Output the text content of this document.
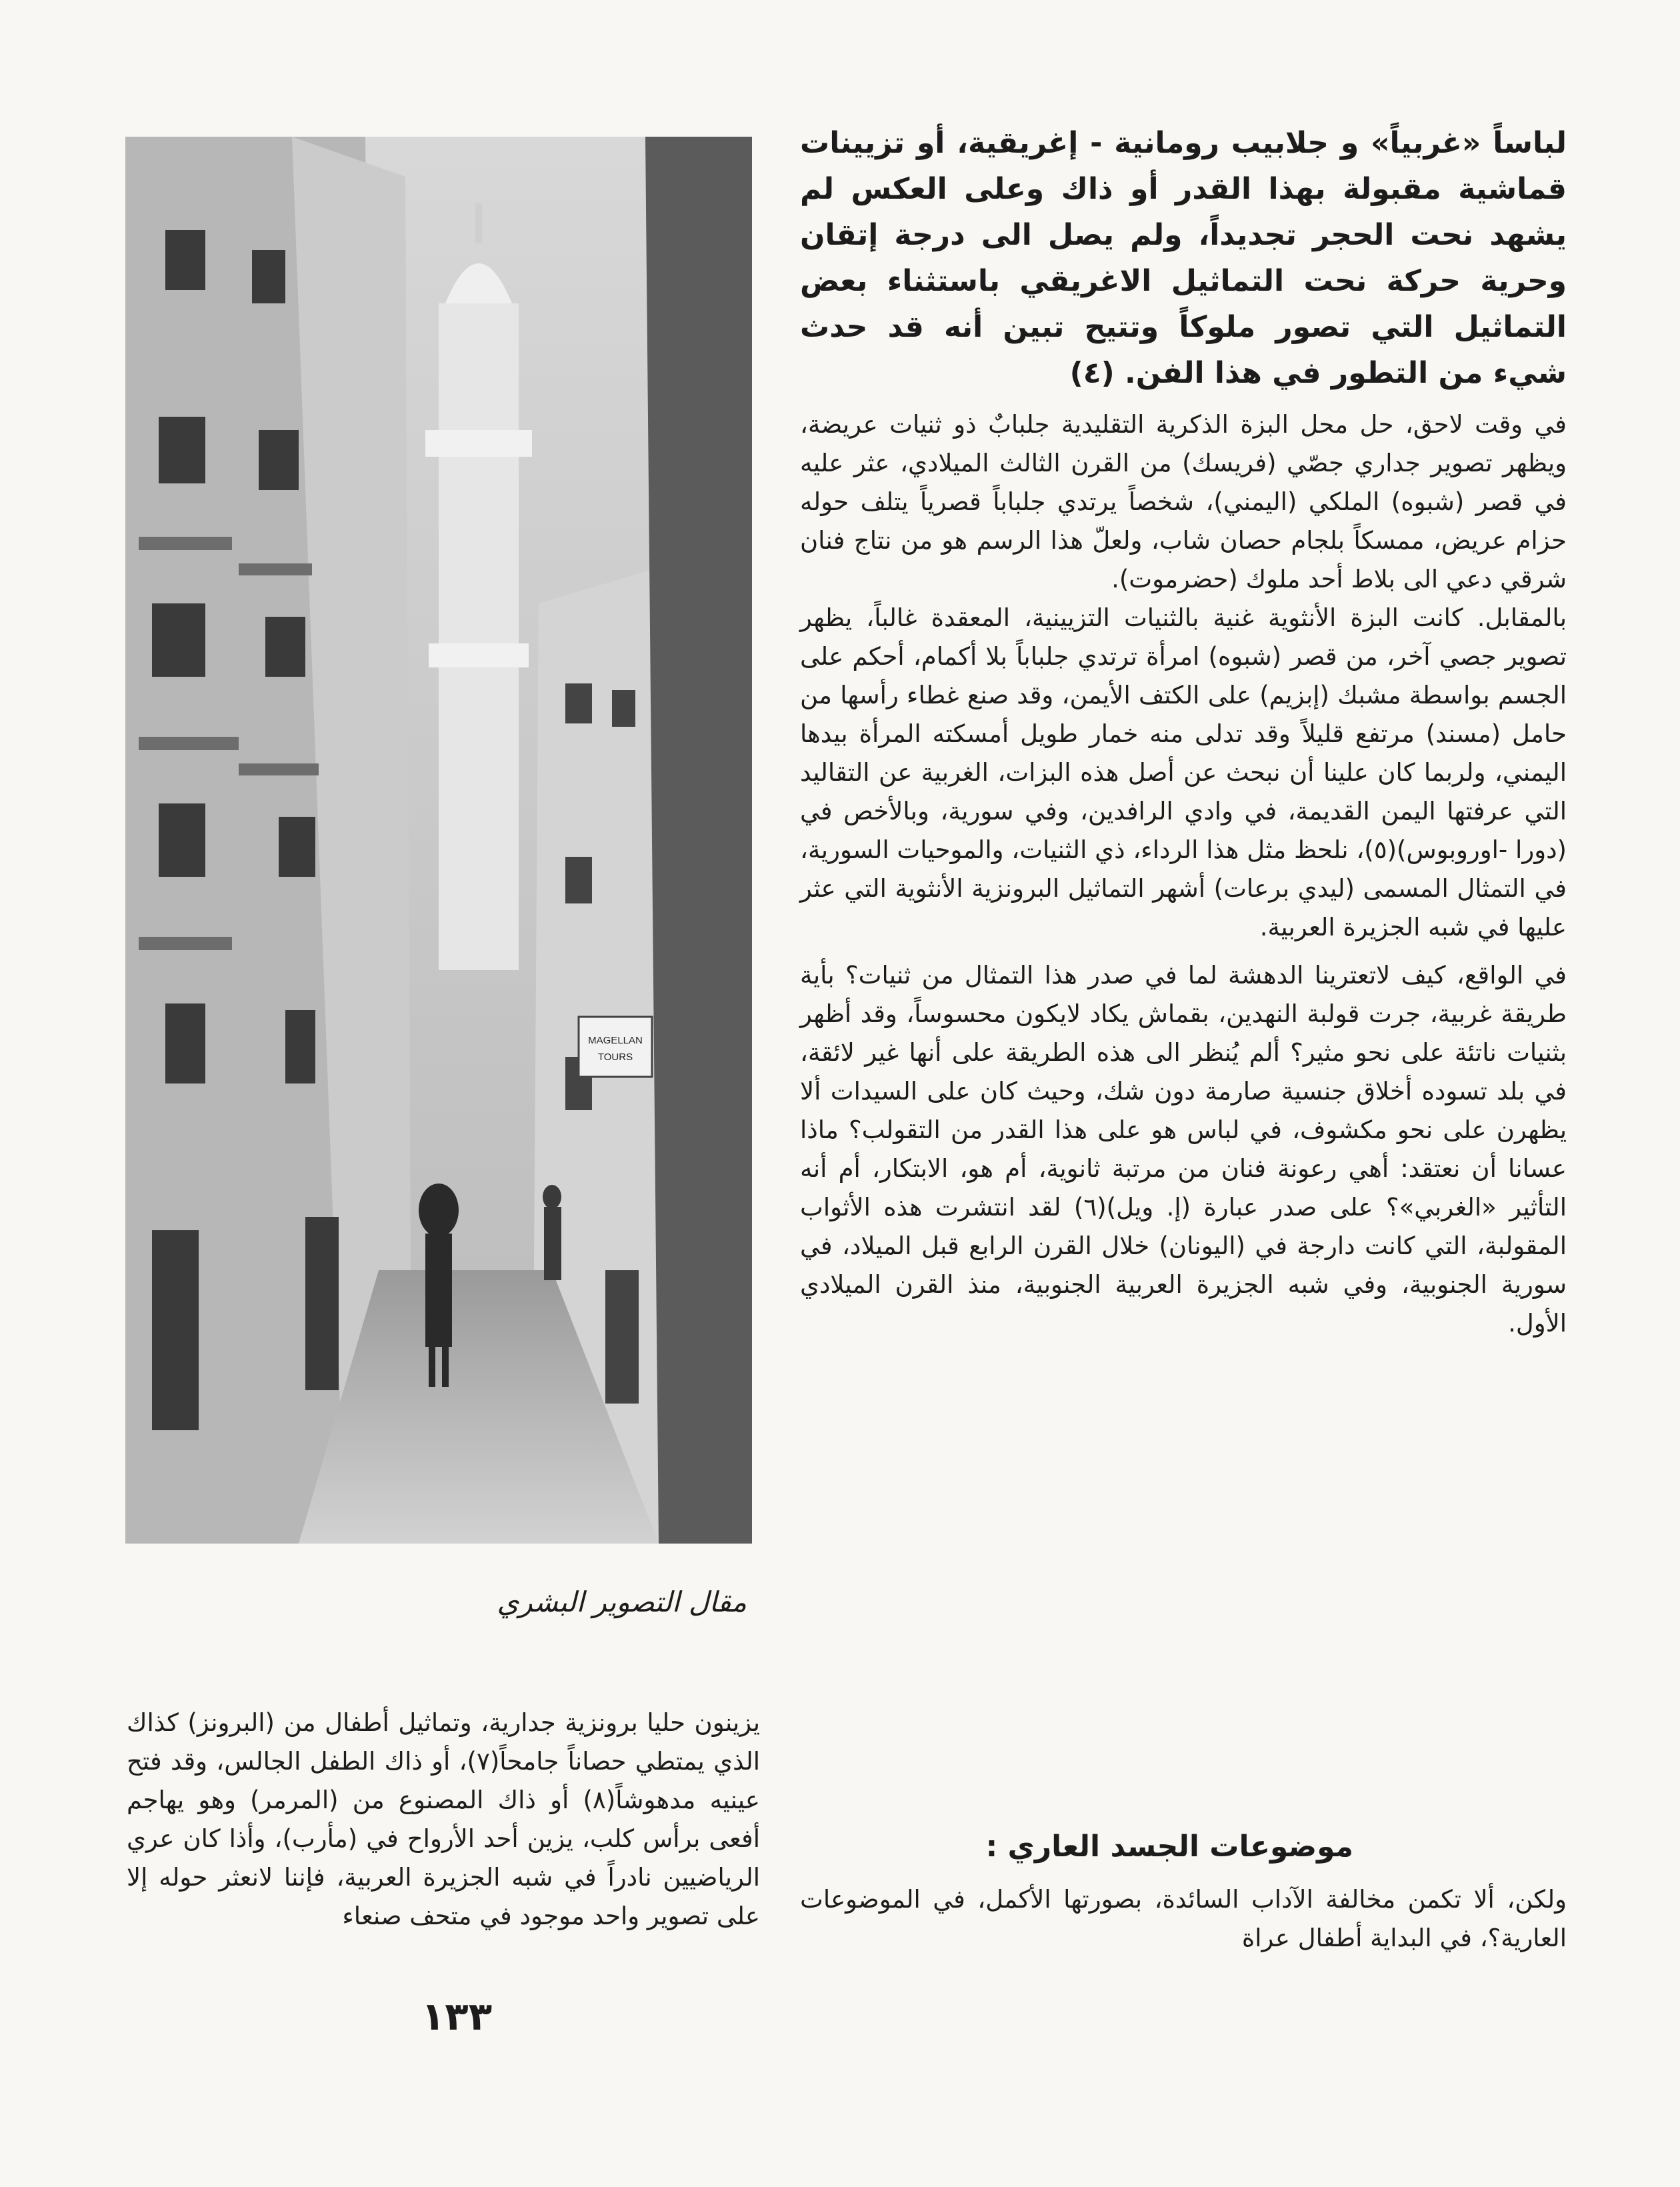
لباساً «غربياً» و جلابيب رومانية - إغريقية، أو تزيينات قماشية مقبولة بهذا القدر أو ذاك وعلى العكس لم يشهد نحت الحجر تجديداً، ولم يصل الى درجة إتقان وحرية حركة نحت التماثيل الاغريقي باستثناء بعض التماثيل التي تصور ملوكاً وتتيح تبين أنه قد حدث شيء من التطور في هذا الفن. (٤)

في وقت لاحق، حل محل البزة الذكرية التقليدية جلبابٌ ذو ثنيات عريضة، ويظهر تصوير جداري جصّي (فريسك) من القرن الثالث الميلادي، عثر عليه في قصر (شبوه) الملكي (اليمني)، شخصاً يرتدي جلباباً قصرياً يتلف حوله حزام عريض، ممسكاً بلجام حصان شاب، ولعلّ هذا الرسم هو من نتاج فنان شرقي دعي الى بلاط أحد ملوك (حضرموت).

بالمقابل. كانت البزة الأنثوية غنية بالثنيات التزيينية، المعقدة غالباً، يظهر تصوير جصي آخر، من قصر (شبوه) امرأة ترتدي جلباباً بلا أكمام، أحكم على الجسم بواسطة مشبك (إبزيم) على الكتف الأيمن، وقد صنع غطاء رأسها من حامل (مسند) مرتفع قليلاً وقد تدلى منه خمار طويل أمسكته المرأة بيدها اليمني، ولربما كان علينا أن نبحث عن أصل هذه البزات، الغربية عن التقاليد التي عرفتها اليمن القديمة، في وادي الرافدين، وفي سورية، وبالأخص في (دورا -اوروبوس)(٥)، نلحظ مثل هذا الرداء، ذي الثنيات، والموحيات السورية، في التمثال المسمى (ليدي برعات) أشهر التماثيل البرونزية الأنثوية التي عثر عليها في شبه الجزيرة العربية.

في الواقع، كيف لاتعترينا الدهشة لما في صدر هذا التمثال من ثنيات؟ بأية طريقة غربية، جرت قولبة النهدين، بقماش يكاد لايكون محسوساً، وقد أظهر بثنيات ناتئة على نحو مثير؟ ألم يُنظر الى هذه الطريقة على أنها غير لائقة، في بلد تسوده أخلاق جنسية صارمة دون شك، وحيث كان على السيدات ألا يظهرن على نحو مكشوف، في لباس هو على هذا القدر من التقولب؟ ماذا عسانا أن نعتقد: أهي رعونة فنان من مرتبة ثانوية، أم هو، الابتكار، أم أنه التأثير «الغربي»؟ على صدر عبارة (إ. ويل)(٦) لقد انتشرت هذه الأثواب المقولبة، التي كانت دارجة في (اليونان) خلال القرن الرابع قبل الميلاد، في سورية الجنوبية، وفي شبه الجزيرة العربية الجنوبية، منذ القرن الميلادي الأول.

موضوعات الجسد العاري :
ولكن، ألا تكمن مخالفة الآداب السائدة، بصورتها الأكمل، في الموضوعات العارية؟، في البداية أطفال عراة
MAGELLAN
TOURS
مقال التصوير البشري
يزينون حليا برونزية جدارية، وتماثيل أطفال من (البرونز) كذاك الذي يمتطي حصاناً جامحاً(٧)، أو ذاك الطفل الجالس، وقد فتح عينيه مدهوشاً(٨) أو ذاك المصنوع من (المرمر) وهو يهاجم أفعى برأس كلب، يزين أحد الأرواح في (مأرب)، وأذا كان عري الرياضيين نادراً في شبه الجزيرة العربية، فإننا لانعثر حوله إلا على تصوير واحد موجود في متحف صنعاء
١٣٣
